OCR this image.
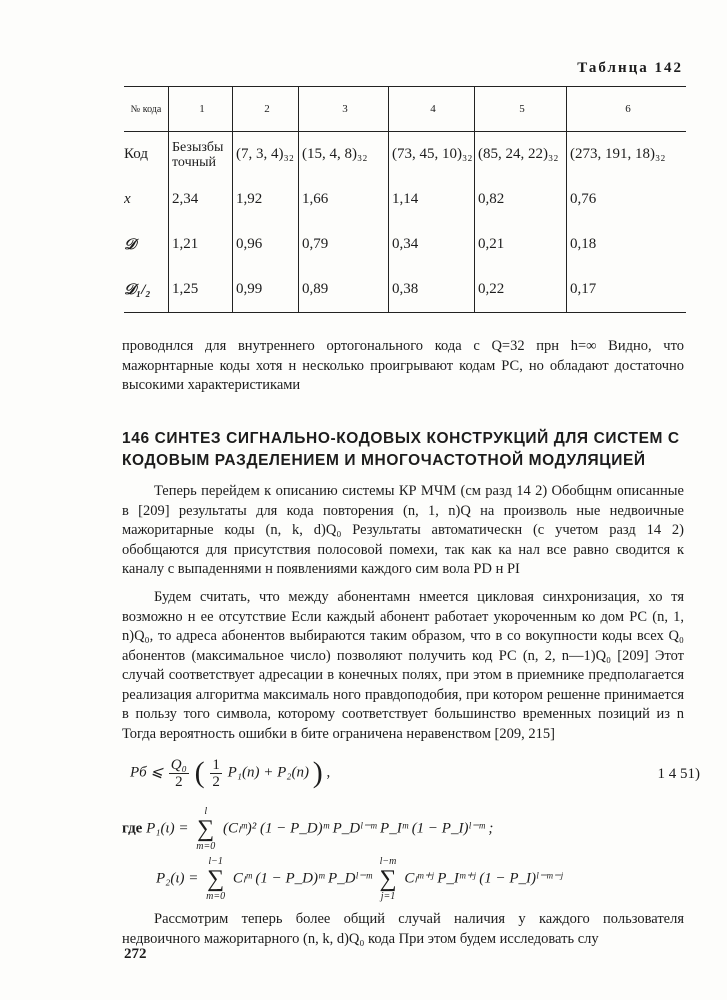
Таблнца 142
№ кода	1	2	3	4	5	6
Код	Безызбы точный	(7, 3, 4)₃₂	(15, 4, 8)₃₂	(73, 45, 10)₃₂	(85, 24, 22)₃₂	(273, 191, 18)₃₂
x	2,34	1,92	1,66	1,14	0,82	0,76
𝒟	1,21	0,96	0,79	0,34	0,21	0,18
𝒟₁/₂	1,25	0,99	0,89	0,38	0,22	0,17

проводнлся для внутреннего ортогонального кода с Q=32 прн h=∞ Видно, что мажорнтарные коды хотя н несколько проигрывают кодам РС, но обладают достаточно высокими характеристиками

146 СИНТЕЗ СИГНАЛЬНО-КОДОВЫХ КОНСТРУКЦИЙ ДЛЯ СИСТЕМ С КОДОВЫМ РАЗДЕЛЕНИЕМ И МНОГОЧАСТОТНОЙ МОДУЛЯЦИЕЙ

Теперь перейдем к описанию системы КР МЧМ (см разд 14 2) Обобщнм описанные в [209] результаты для кода повторения (n, 1, n)Q на произволь ные недвоичные мажоритарные коды (n, k, d)Q₀ Результаты автоматическн (с учетом разд 14 2) обобщаются для присутствия полосовой помехи, так как ка нал все равно сводится к каналу с выпаденнями н появлениями каждого сим вола PD н PI

Будем считать, что между абонентамн нмеется цикловая синхронизация, хо тя возможно н ее отсутствие Если каждый абонент работает укороченным ко дом РС (n, 1, n)Q₀, то адреса абонентов выбираются таким образом, что в со вокупности коды всех Q₀ абонентов (максимальное число) позволяют получить код РС (n, 2, n—1)Q₀ [209] Этот случай соответствует адресации в конечных полях, при этом в приемнике предполагается реализация алгоритма максималь ного правдоподобия, при котором решенне принимается в пользу того символа, которому соответствует большинство временных позиций из n Тогда вероятность ошибки в бите ограничена неравенством [209, 215]

Pб ⩽ $\frac{\text{Q₀}}{2}$ ( $\frac{1}{2} P_1(n) + P_2(n)$ ) ,	1 4 51)
где P₁(ι) =
l
∑
m=0
(Cₗᵐ)² (1 − P_D)ᵐ P_Dˡ⁻ᵐ P_Iᵐ (1 − P_I)ˡ⁻ᵐ ;
P₂(ι) =
l−1
∑
m=0
Cₗᵐ (1 − P_D)ᵐ P_Dˡ⁻ᵐ
l−m
∑
j=1
Cₗᵐ⁺ʲ P_Iᵐ⁺ʲ (1 − P_I)ˡ⁻ᵐ⁻ʲ

Рассмотрим теперь более общий случай наличия у каждого пользователя недвоичного мажоритарного (n, k, d)Q₀ кода При этом будем исследовать слу

272
